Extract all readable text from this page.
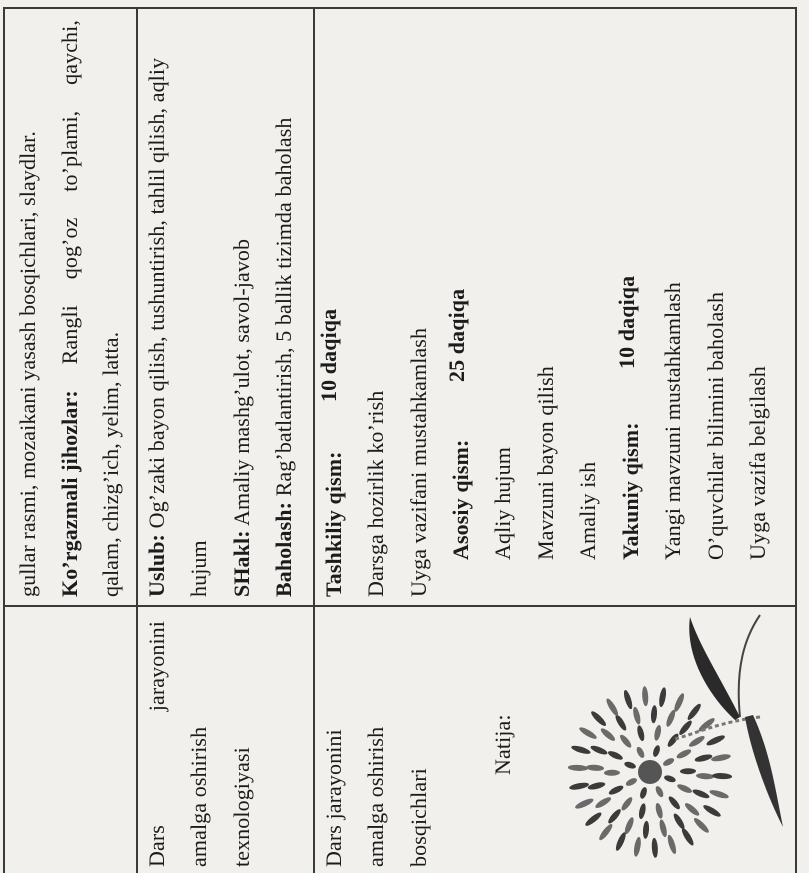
gullar rasmi, mozaikani yasash bosqichlari, slaydlar. Ko’rgazmali jihozlar:
Rangli
qog’oz
to’plami,
qaychi,
qalam, chizg’ich, yelim, latta.
Dars
jarayonini
amalga oshirish texnologiyasi
Uslub: Og’zaki bayon qilish, tushuntirish, tahlil qilish, aqliy
hujum SHakl: Amaliy mashg’ulot, savol-javob
Baholash: Rag’batlantirish, 5 ballik tizimda baholash
Dars jarayonini amalga oshirish bosqichlari
Natija:
Tashkiliy qism:
10 daqiqa
Darsga hozirlik ko’rish Uyga vazifani mustahkamlash Asosiy qism:
25 daqiqa
Aqliy hujum Mavzuni bayon qilish Amaliy ish Yakuniy qism:
10 daqiqa Yangi mavzuni mustahkamlash O’quvchilar bilimini baholash Uyga vazifa belgilash
